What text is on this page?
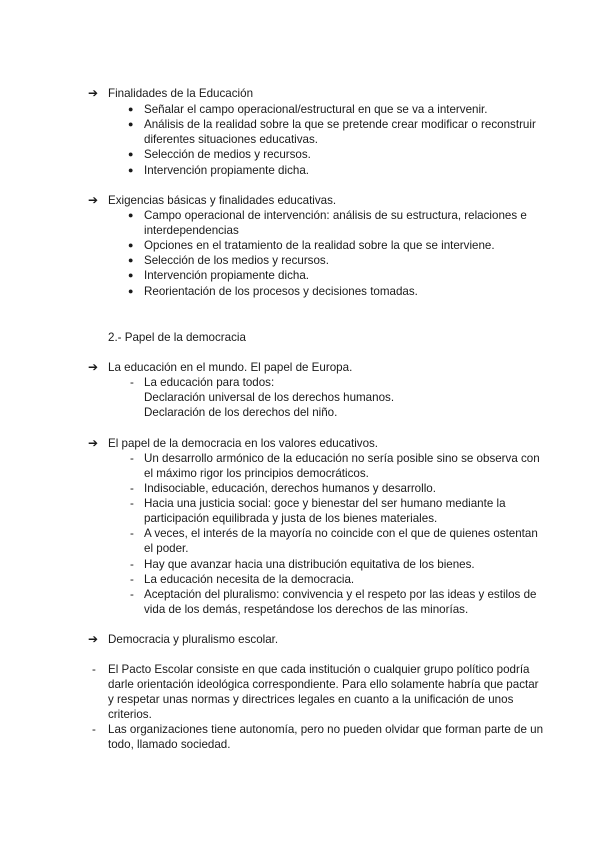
➔ Finalidades de la Educación
● Señalar el campo operacional/estructural en que se va a intervenir.
● Análisis de la realidad sobre la que se pretende crear modificar o reconstruir
diferentes situaciones educativas.
● Selección de medios y recursos.
● Intervención propiamente dicha.
➔ Exigencias básicas y finalidades educativas.
● Campo operacional de intervención: análisis de su estructura, relaciones e
interdependencias
● Opciones en el tratamiento de la realidad sobre la que se interviene.
● Selección de los medios y recursos.
● Intervención propiamente dicha.
● Reorientación de los procesos y decisiones tomadas.
2.- Papel de la democracia
➔ La educación en el mundo. El papel de Europa.
- La educación para todos:
Declaración universal de los derechos humanos.
Declaración de los derechos del niño.
➔ El papel de la democracia en los valores educativos.
- Un desarrollo armónico de la educación no sería posible sino se observa con
el máximo rigor los principios democráticos.
- Indisociable, educación, derechos humanos y desarrollo.
- Hacia una justicia social: goce y bienestar del ser humano mediante la
participación equilibrada y justa de los bienes materiales.
- A veces, el interés de la mayoría no coincide con el que de quienes ostentan
el poder.
- Hay que avanzar hacia una distribución equitativa de los bienes.
- La educación necesita de la democracia.
- Aceptación del pluralismo: convivencia y el respeto por las ideas y estilos de
vida de los demás, respetándose los derechos de las minorías.
➔ Democracia y pluralismo escolar.
- El Pacto Escolar consiste en que cada institución o cualquier grupo político podría
darle orientación ideológica correspondiente. Para ello solamente habría que pactar
y respetar unas normas y directrices legales en cuanto a la unificación de unos
criterios.
- Las organizaciones tiene autonomía, pero no pueden olvidar que forman parte de un
todo, llamado sociedad.
